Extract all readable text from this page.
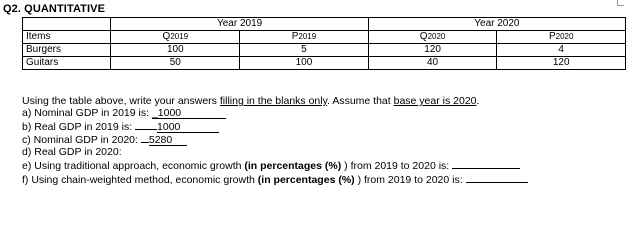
Q2. QUANTITATIVE
	Year 2019		Year 2020	
Items	Q2019	P2019	Q2020	P2020
Burgers	100	5	120	4
Guitars	50	100	40	120
Using the table above, write your answers filling in the blanks only. Assume that base year is 2020.
a) Nominal GDP in 2019 is: _1000
b) Real GDP in 2019 is: 1000
c) Nominal GDP in 2020: 5280
d) Real GDP in 2020:
e) Using traditional approach, economic growth (in percentages (%) ) from 2019 to 2020 is:
f) Using chain-weighted method, economic growth (in percentages (%) ) from 2019 to 2020 is:
